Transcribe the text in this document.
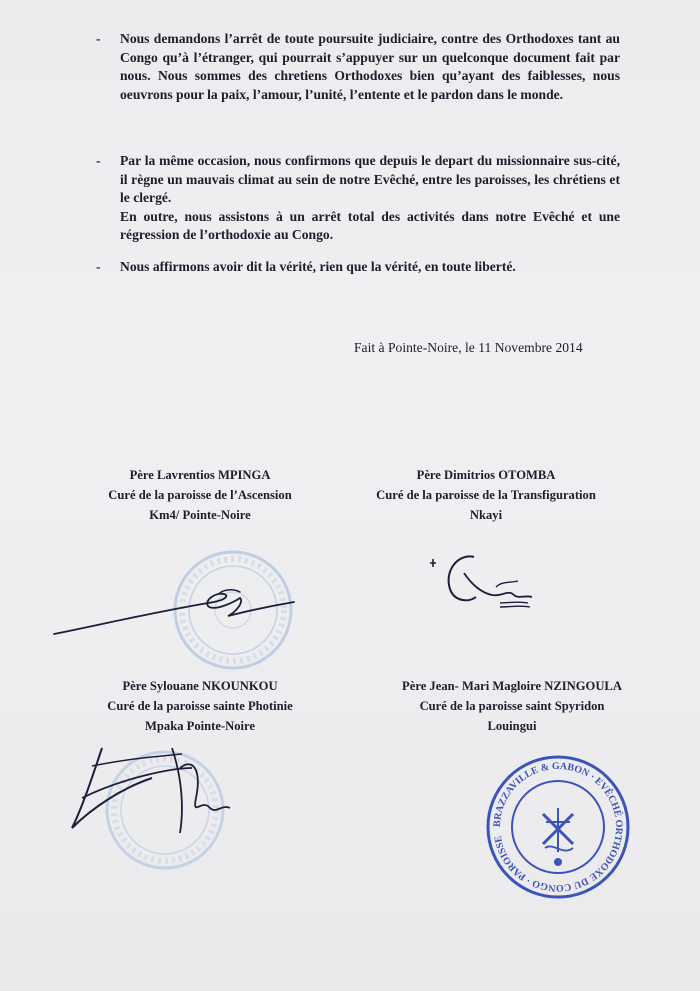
- Nous demandons l’arrêt de toute poursuite judiciaire, contre des Orthodoxes tant au Congo qu’à l’étranger, qui pourrait s’appuyer sur un quelconque document fait par nous. Nous sommes des chretiens Orthodoxes bien qu’ayant des faiblesses, nous oeuvrons pour la paix, l’amour, l’unité, l’entente et le pardon dans le monde.

- Par la même occasion, nous confirmons que depuis le depart du missionnaire sus-cité, il règne un mauvais climat au sein de notre Evêché, entre les paroisses, les chrétiens et le clergé.

En outre, nous assistons à un arrêt total des activités dans notre Evêché et une régression de l’orthodoxie au Congo.

- Nous affirmons avoir dit la vérité, rien que la vérité, en toute liberté.

Fait à Pointe-Noire, le 11 Novembre 2014
Père Lavrentios MPINGA
Curé de la paroisse de l’Ascension
Km4/ Pointe-Noire
Père Dimitrios OTOMBA
Curé de la paroisse de la Transfiguration
Nkayi
Père Sylouane NKOUNKOU
Curé de la paroisse sainte Photinie
Mpaka Pointe-Noire
Père Jean- Mari Magloire NZINGOULA
Curé de la paroisse saint Spyridon
Louingui
BRAZZAVILLE & GABON · EVÊCHÉ ORTHODOXE DU CONGO · PAROISSE
